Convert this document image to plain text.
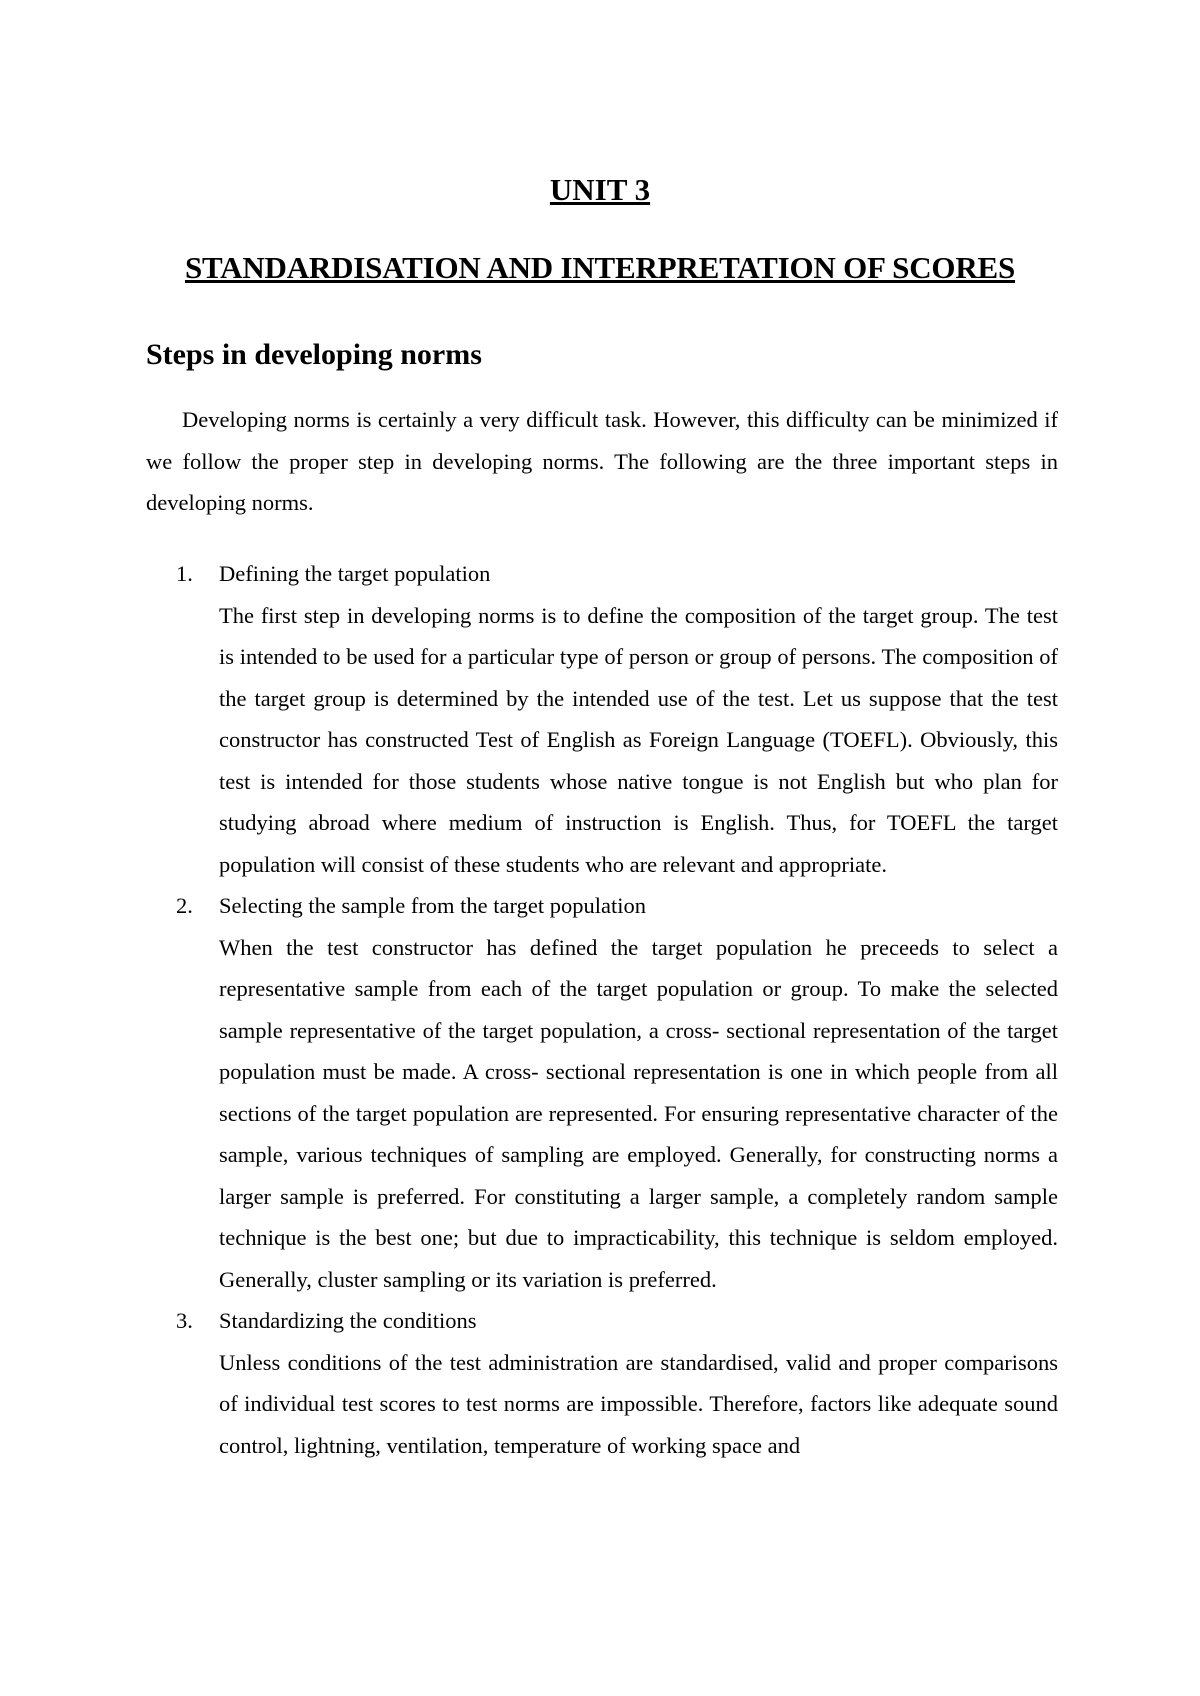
UNIT 3
STANDARDISATION AND INTERPRETATION OF SCORES
Steps in developing norms

Developing norms is certainly a very difficult task. However, this difficulty can be minimized if we follow the proper step in developing norms. The following are the three important steps in developing norms.

1. Defining the target population

The first step in developing norms is to define the composition of the target group. The test is intended to be used for a particular type of person or group of persons. The composition of the target group is determined by the intended use of the test. Let us suppose that the test constructor has constructed Test of English as Foreign Language (TOEFL). Obviously, this test is intended for those students whose native tongue is not English but who plan for studying abroad where medium of instruction is English. Thus, for TOEFL the target population will consist of these students who are relevant and appropriate.

2. Selecting the sample from the target population

When the test constructor has defined the target population he preceeds to select a representative sample from each of the target population or group. To make the selected sample representative of the target population, a cross- sectional representation of the target population must be made. A cross- sectional representation is one in which people from all sections of the target population are represented. For ensuring representative character of the sample, various techniques of sampling are employed. Generally, for constructing norms a larger sample is preferred. For constituting a larger sample, a completely random sample technique is the best one; but due to impracticability, this technique is seldom employed. Generally, cluster sampling or its variation is preferred.

3. Standardizing the conditions

Unless conditions of the test administration are standardised, valid and proper comparisons of individual test scores to test norms are impossible. Therefore, factors like adequate sound control, lightning, ventilation, temperature of working space and
